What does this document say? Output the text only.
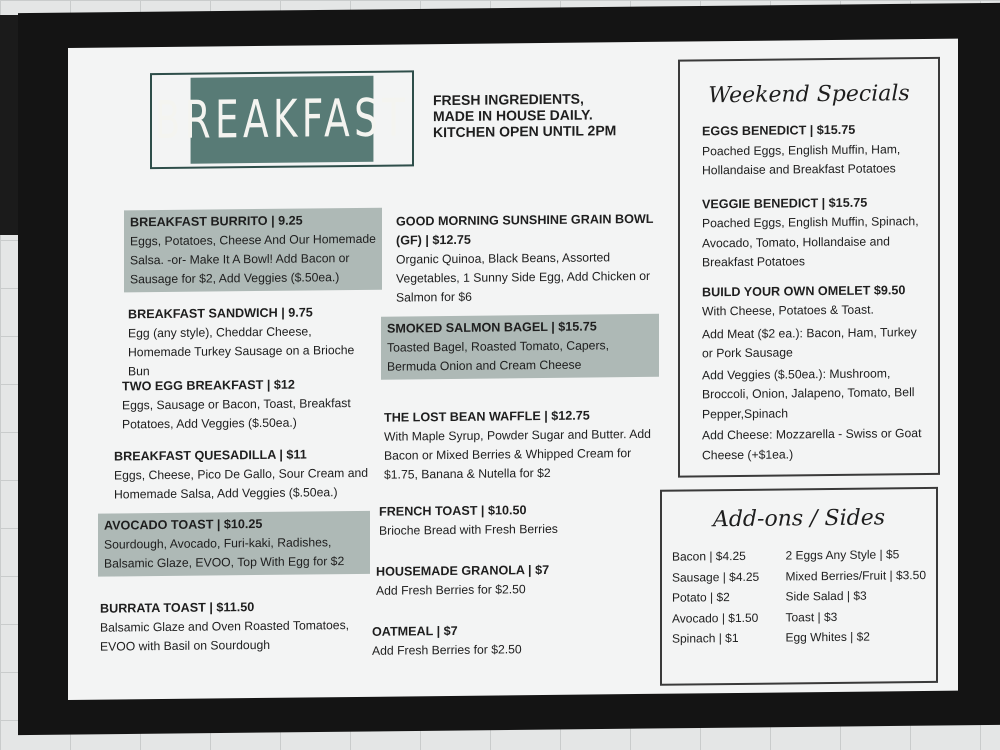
BREAKFAST FRESH INGREDIENTS,
MADE IN HOUSE DAILY.
KITCHEN OPEN UNTIL 2PM
BREAKFAST BURRITO | 9.25
Eggs, Potatoes, Cheese And Our Homemade Salsa. -or- Make It A Bowl! Add Bacon or Sausage for $2, Add Veggies ($.50ea.)
BREAKFAST SANDWICH | 9.75
Egg (any style), Cheddar Cheese, Homemade Turkey Sausage on a Brioche Bun
TWO EGG BREAKFAST | $12
Eggs, Sausage or Bacon, Toast, Breakfast Potatoes, Add Veggies ($.50ea.)
BREAKFAST QUESADILLA | $11
Eggs, Cheese, Pico De Gallo, Sour Cream and Homemade Salsa, Add Veggies ($.50ea.)
AVOCADO TOAST | $10.25
Sourdough, Avocado, Furi-kaki, Radishes, Balsamic Glaze, EVOO, Top With Egg for $2
BURRATA TOAST | $11.50
Balsamic Glaze and Oven Roasted Tomatoes, EVOO with Basil on Sourdough
GOOD MORNING SUNSHINE GRAIN BOWL (GF) | $12.75
Organic Quinoa, Black Beans, Assorted Vegetables, 1 Sunny Side Egg, Add Chicken or Salmon for $6
SMOKED SALMON BAGEL | $15.75
Toasted Bagel, Roasted Tomato, Capers, Bermuda Onion and Cream Cheese
THE LOST BEAN WAFFLE | $12.75
With Maple Syrup, Powder Sugar and Butter. Add Bacon or Mixed Berries & Whipped Cream for $1.75, Banana & Nutella for $2
FRENCH TOAST | $10.50
Brioche Bread with Fresh Berries
HOUSEMADE GRANOLA | $7
Add Fresh Berries for $2.50
OATMEAL | $7
Add Fresh Berries for $2.50
Weekend Specials
EGGS BENEDICT | $15.75
Poached Eggs, English Muffin, Ham, Hollandaise and Breakfast Potatoes
VEGGIE BENEDICT | $15.75
Poached Eggs, English Muffin, Spinach, Avocado, Tomato, Hollandaise and Breakfast Potatoes
BUILD YOUR OWN OMELET $9.50
With Cheese, Potatoes & Toast.
Add Meat ($2 ea.): Bacon, Ham, Turkey or Pork Sausage
Add Veggies ($.50ea.): Mushroom, Broccoli, Onion, Jalapeno, Tomato, Bell Pepper,Spinach
Add Cheese: Mozzarella - Swiss or Goat Cheese (+$1ea.)
Add-ons / Sides
Bacon | $4.25
Sausage | $4.25
Potato | $2
Avocado | $1.50
Spinach | $1
2 Eggs Any Style | $5
Mixed Berries/Fruit | $3.50
Side Salad | $3
Toast | $3
Egg Whites | $2
